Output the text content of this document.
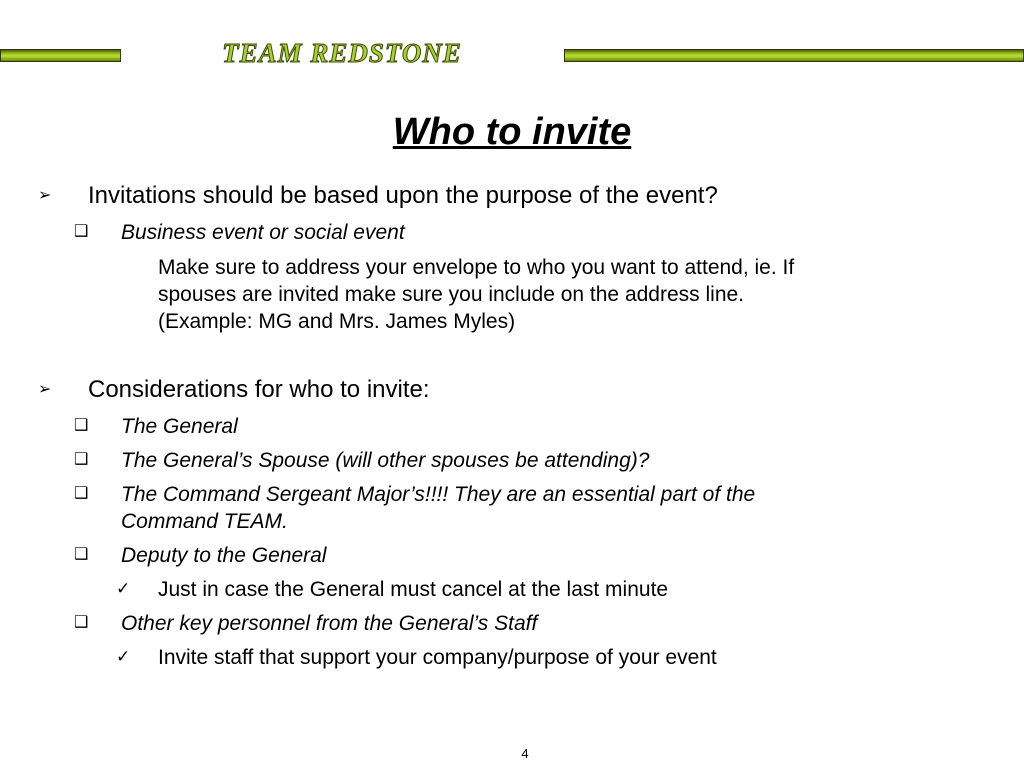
TEAM REDSTONE
Who to invite
➢ Invitations should be based upon the purpose of the event?
❑ Business event or social event
Make sure to address your envelope to who you want to attend, ie. If
spouses are invited make sure you include on the address line.
(Example: MG and Mrs. James Myles)
➢ Considerations for who to invite:
❑ The General
❑ The General’s Spouse (will other spouses be attending)?
❑ The Command Sergeant Major’s!!!! They are an essential part of the
Command TEAM.
❑ Deputy to the General
✓ Just in case the General must cancel at the last minute
❑ Other key personnel from the General’s Staff
✓ Invite staff that support your company/purpose of your event
4
